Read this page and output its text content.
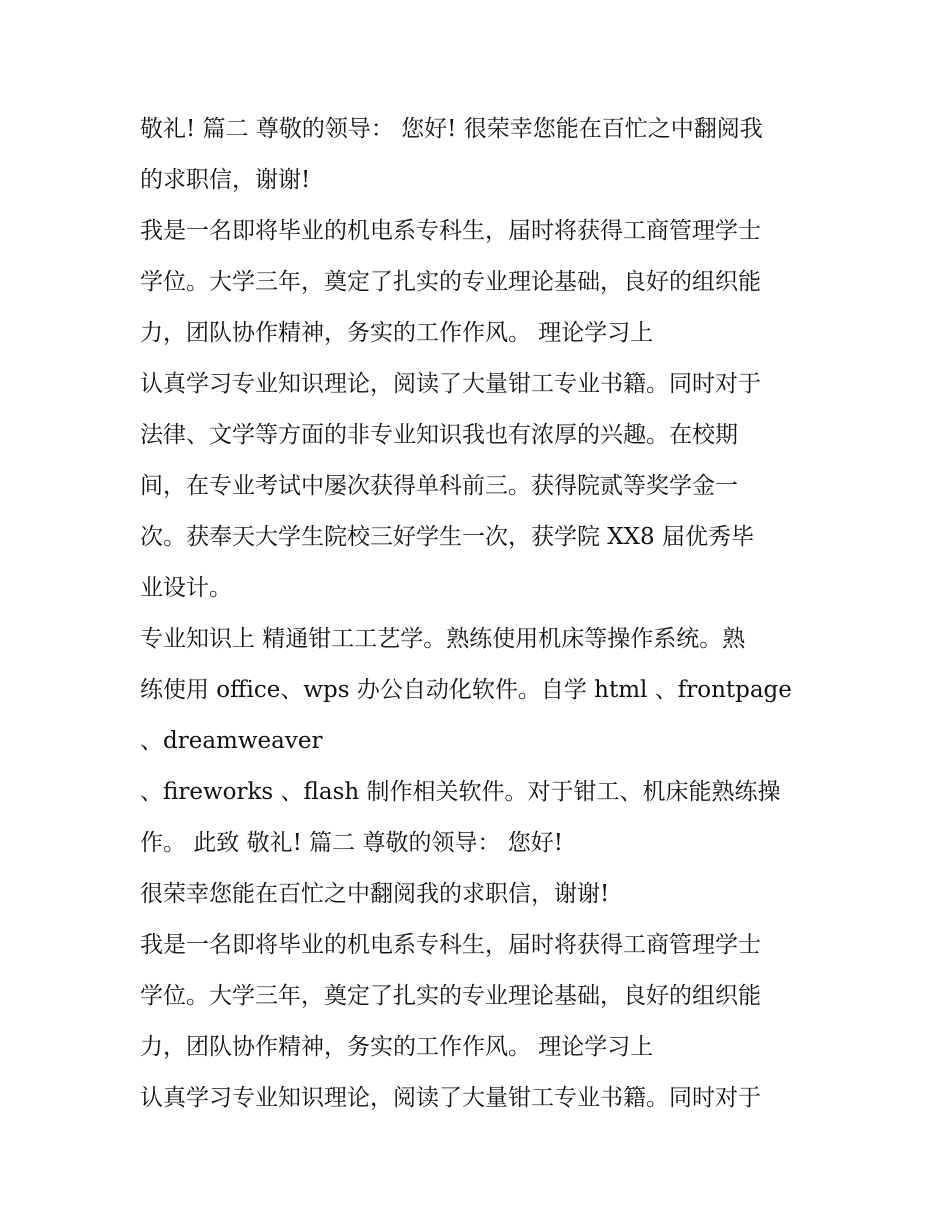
敬礼! 篇二 尊敬的领导： 您好! 很荣幸您能在百忙之中翻阅我
的求职信，谢谢!
我是一名即将毕业的机电系专科生，届时将获得工商管理学士
学位。大学三年，奠定了扎实的专业理论基础，良好的组织能
力，团队协作精神，务实的工作作风。 理论学习上
认真学习专业知识理论，阅读了大量钳工专业书籍。同时对于
法律、文学等方面的非专业知识我也有浓厚的兴趣。在校期
间，在专业考试中屡次获得单科前三。获得院贰等奖学金一
次。获奉天大学生院校三好学生一次，获学院 XX8 届优秀毕
业设计。
专业知识上 精通钳工工艺学。熟练使用机床等操作系统。熟
练使用 office、wps 办公自动化软件。自学 html 、frontpage
、dreamweaver
、fireworks 、flash 制作相关软件。对于钳工、机床能熟练操
作。 此致 敬礼! 篇二 尊敬的领导： 您好!
很荣幸您能在百忙之中翻阅我的求职信，谢谢!
我是一名即将毕业的机电系专科生，届时将获得工商管理学士
学位。大学三年，奠定了扎实的专业理论基础，良好的组织能
力，团队协作精神，务实的工作作风。 理论学习上
认真学习专业知识理论，阅读了大量钳工专业书籍。同时对于
